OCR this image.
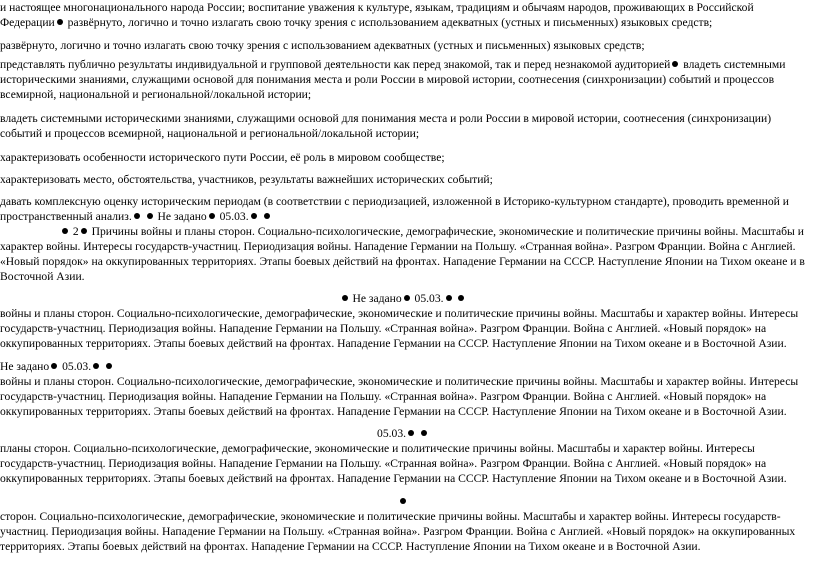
и настоящее многонационального народа России; воспитание уважения к культуре, языкам, традициям и обычаям народов, проживающих в Российской Федерации развёрнуто, логично и точно излагать свою точку зрения с использованием адекватных (устных и письменных) языковых средств;

развёрнуто, логично и точно излагать свою точку зрения с использованием адекватных (устных и письменных) языковых средств;

представлять публично результаты индивидуальной и групповой деятельности как перед знакомой, так и перед незнакомой аудиторией владеть системными историческими знаниями, служащими основой для понимания места и роли России в мировой истории, соотнесения (синхронизации) событий и процессов всемирной, национальной и региональной/локальной истории;

владеть системными историческими знаниями, служащими основой для понимания места и роли России в мировой истории, соотнесения (синхронизации) событий и процессов всемирной, национальной и региональной/локальной истории;

характеризовать особенности исторического пути России, её роль в мировом сообществе;

характеризовать место, обстоятельства, участников, результаты важнейших исторических событий;

давать комплексную оценку историческим периодам (в соответствии с периодизацией, изложенной в Историко-культурном стандарте), проводить временной и пространственный анализ.  Не задано 05.03.

2 Причины войны и планы сторон. Социально-психологические, демографические, экономические и политические причины войны. Масштабы и характер войны. Интересы государств-участниц. Периодизация войны. Нападение Германии на Польшу. «Странная война». Разгром Франции. Война с Англией. «Новый порядок» на оккупированных территориях. Этапы боевых действий на фронтах. Нападение Германии на СССР. Наступление Японии на Тихом океане и в Восточной Азии.

Не задано 05.03.

войны и планы сторон. Социально-психологические, демографические, экономические и политические причины войны. Масштабы и характер войны. Интересы государств-участниц. Периодизация войны. Нападение Германии на Польшу. «Странная война». Разгром Франции. Война с Англией. «Новый порядок» на оккупированных территориях. Этапы боевых действий на фронтах. Нападение Германии на СССР. Наступление Японии на Тихом океане и в Восточной Азии.

Не задано 05.03.

войны и планы сторон. Социально-психологические, демографические, экономические и политические причины войны. Масштабы и характер войны. Интересы государств-участниц. Периодизация войны. Нападение Германии на Польшу. «Странная война». Разгром Франции. Война с Англией. «Новый порядок» на оккупированных территориях. Этапы боевых действий на фронтах. Нападение Германии на СССР. Наступление Японии на Тихом океане и в Восточной Азии.

05.03.

планы сторон. Социально-психологические, демографические, экономические и политические причины войны. Масштабы и характер войны. Интересы государств-участниц. Периодизация войны. Нападение Германии на Польшу. «Странная война». Разгром Франции. Война с Англией. «Новый порядок» на оккупированных территориях. Этапы боевых действий на фронтах. Нападение Германии на СССР. Наступление Японии на Тихом океане и в Восточной Азии.

сторон. Социально-психологические, демографические, экономические и политические причины войны. Масштабы и характер войны. Интересы государств-участниц. Периодизация войны. Нападение Германии на Польшу. «Странная война». Разгром Франции. Война с Англией. «Новый порядок» на оккупированных территориях. Этапы боевых действий на фронтах. Нападение Германии на СССР. Наступление Японии на Тихом океане и в Восточной Азии.
